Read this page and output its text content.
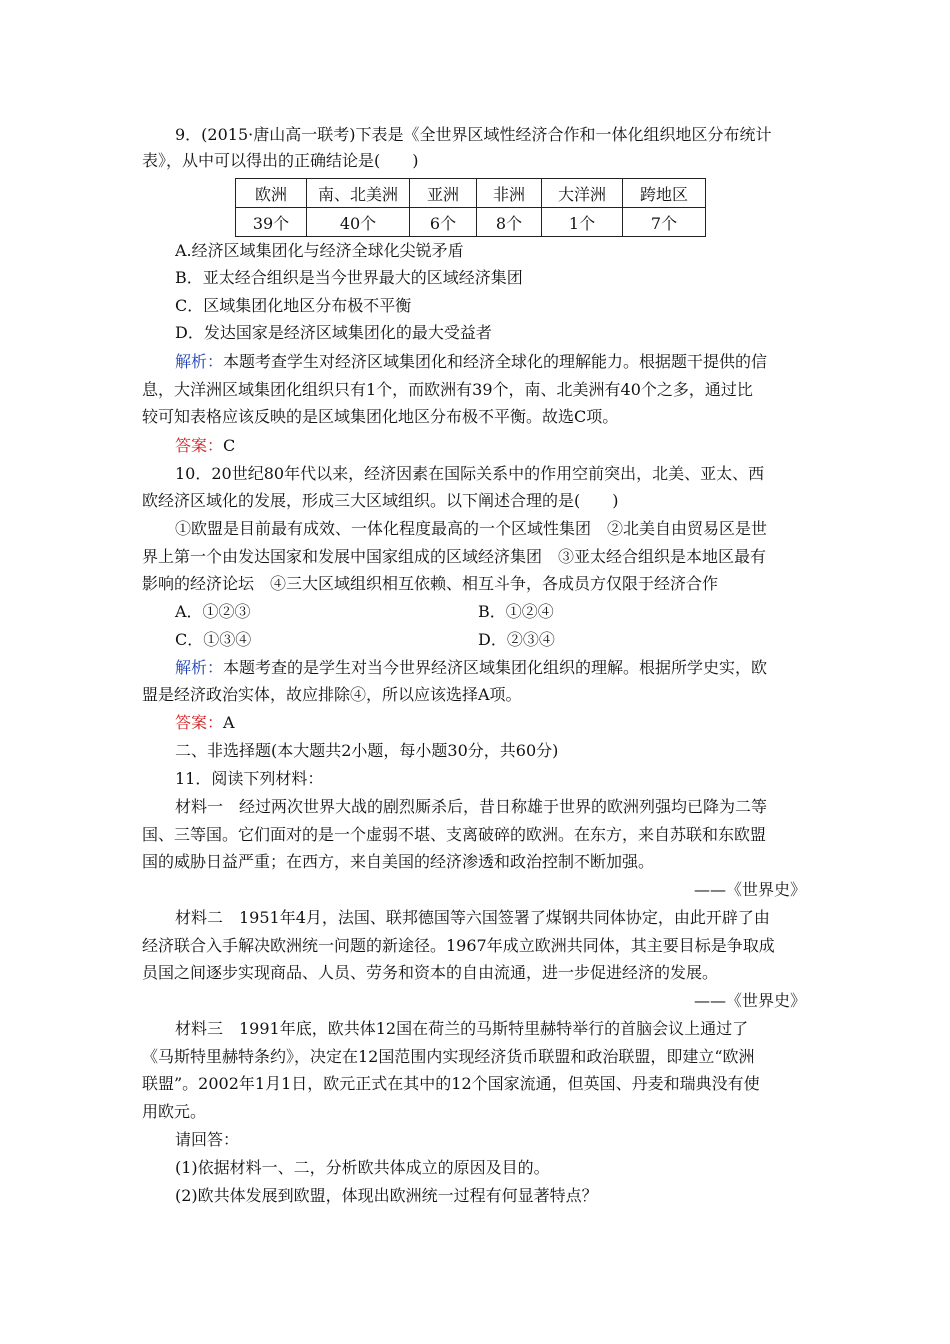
9．(2015·唐山高一联考)下表是《全世界区域性经济合作和一体化组织地区分布统计
表》，从中可以得出的正确结论是(　　)
欧洲	南、北美洲	亚洲	非洲	大洋洲	跨地区
39个	40个	6个	8个	1个	7个
A.经济区域集团化与经济全球化尖锐矛盾
B．亚太经合组织是当今世界最大的区域经济集团
C．区域集团化地区分布极不平衡
D．发达国家是经济区域集团化的最大受益者
解析：本题考查学生对经济区域集团化和经济全球化的理解能力。根据题干提供的信
息，大洋洲区域集团化组织只有1个，而欧洲有39个，南、北美洲有40个之多，通过比
较可知表格应该反映的是区域集团化地区分布极不平衡。故选C项。
答案：C
10．20世纪80年代以来，经济因素在国际关系中的作用空前突出，北美、亚太、西
欧经济区域化的发展，形成三大区域组织。以下阐述合理的是(　　)
①欧盟是目前最有成效、一体化程度最高的一个区域性集团　②北美自由贸易区是世
界上第一个由发达国家和发展中国家组成的区域经济集团　③亚太经合组织是本地区最有
影响的经济论坛　④三大区域组织相互依赖、相互斗争，各成员方仅限于经济合作
A．①②③	B．①②④
C．①③④	D．②③④
解析：本题考查的是学生对当今世界经济区域集团化组织的理解。根据所学史实，欧
盟是经济政治实体，故应排除④，所以应该选择A项。
答案：A
二、非选择题(本大题共2小题，每小题30分，共60分)
11．阅读下列材料：
材料一　经过两次世界大战的剧烈厮杀后，昔日称雄于世界的欧洲列强均已降为二等
国、三等国。它们面对的是一个虚弱不堪、支离破碎的欧洲。在东方，来自苏联和东欧盟
国的威胁日益严重；在西方，来自美国的经济渗透和政治控制不断加强。
——《世界史》
材料二　1951年4月，法国、联邦德国等六国签署了煤钢共同体协定，由此开辟了由
经济联合入手解决欧洲统一问题的新途径。1967年成立欧洲共同体，其主要目标是争取成
员国之间逐步实现商品、人员、劳务和资本的自由流通，进一步促进经济的发展。
——《世界史》
材料三　1991年底，欧共体12国在荷兰的马斯特里赫特举行的首脑会议上通过了
《马斯特里赫特条约》，决定在12国范围内实现经济货币联盟和政治联盟，即建立“欧洲
联盟”。2002年1月1日，欧元正式在其中的12个国家流通，但英国、丹麦和瑞典没有使
用欧元。
请回答：
(1)依据材料一、二，分析欧共体成立的原因及目的。
(2)欧共体发展到欧盟，体现出欧洲统一过程有何显著特点？
